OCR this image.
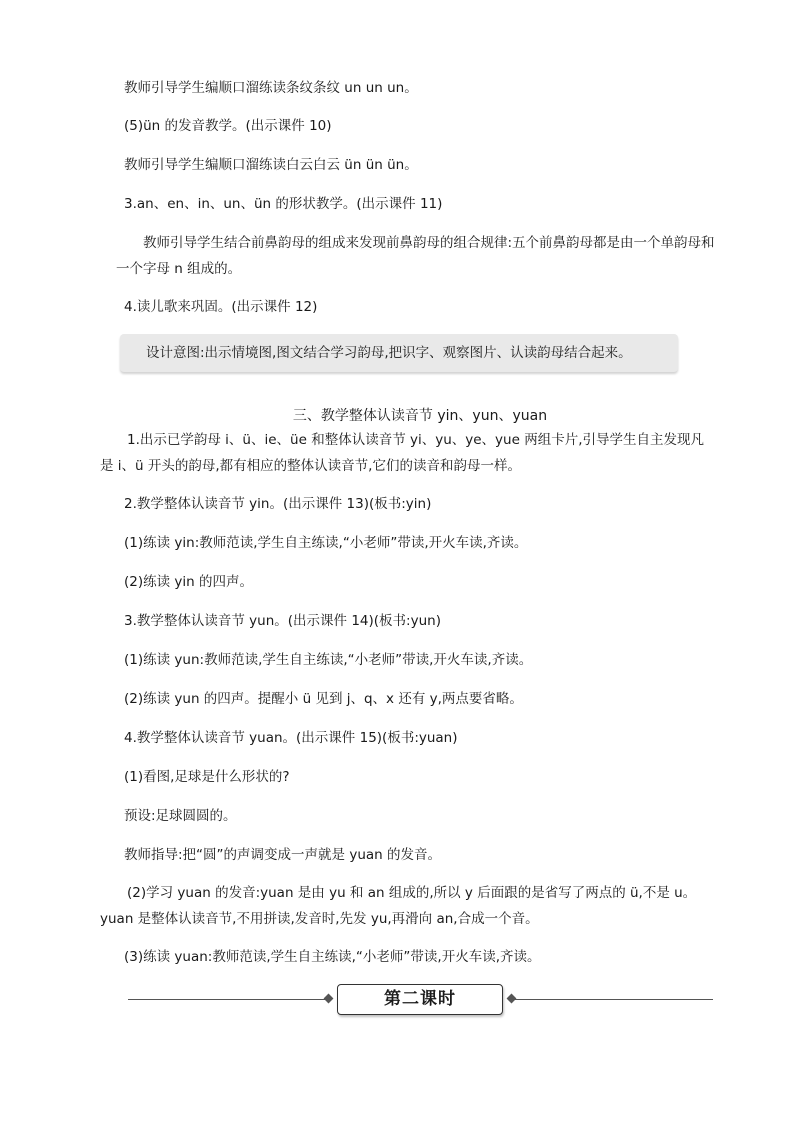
教师引导学生编顺口溜练读条纹条纹 un un un。
(5)ün 的发音教学。(出示课件 10)
教师引导学生编顺口溜练读白云白云 ün ün ün。
3.an、en、in、un、ün 的形状教学。(出示课件 11)
教师引导学生结合前鼻韵母的组成来发现前鼻韵母的组合规律:五个前鼻韵母都是由一个单韵母和一个字母 n 组成的。
4.读儿歌来巩固。(出示课件 12)
设计意图:出示情境图,图文结合学习韵母,把识字、观察图片、认读韵母结合起来。
三、教学整体认读音节 yin、yun、yuan
1.出示已学韵母 i、ü、ie、üe 和整体认读音节 yi、yu、ye、yue 两组卡片,引导学生自主发现凡是 i、ü 开头的韵母,都有相应的整体认读音节,它们的读音和韵母一样。
2.教学整体认读音节 yin。(出示课件 13)(板书:yin)
(1)练读 yin:教师范读,学生自主练读,“小老师”带读,开火车读,齐读。
(2)练读 yin 的四声。
3.教学整体认读音节 yun。(出示课件 14)(板书:yun)
(1)练读 yun:教师范读,学生自主练读,“小老师”带读,开火车读,齐读。
(2)练读 yun 的四声。提醒小 ü 见到 j、q、x 还有 y,两点要省略。
4.教学整体认读音节 yuan。(出示课件 15)(板书:yuan)
(1)看图,足球是什么形状的?
预设:足球圆圆的。
教师指导:把“圆”的声调变成一声就是 yuan 的发音。
(2)学习 yuan 的发音:yuan 是由 yu 和 an 组成的,所以 y 后面跟的是省写了两点的 ü,不是 u。yuan 是整体认读音节,不用拼读,发音时,先发 yu,再滑向 an,合成一个音。
(3)练读 yuan:教师范读,学生自主练读,“小老师”带读,开火车读,齐读。
第二课时
